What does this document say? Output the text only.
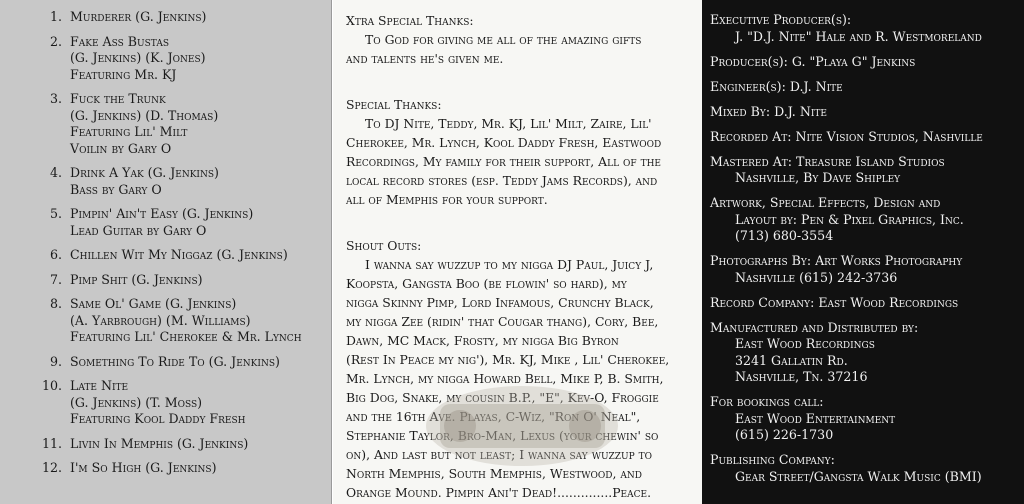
1. Murderer (G. Jenkins)
2. Fake Ass Bustas
(G. Jenkins) (K. Jones)
Featuring Mr. KJ
3. Fuck the Trunk
(G. Jenkins) (D. Thomas)
Featuring Lil' Milt
Voilin by Gary O
4. Drink A Yak (G. Jenkins)
Bass by Gary O
5. Pimpin' Ain't Easy (G. Jenkins)
Lead Guitar by Gary O
6. Chillen Wit My Niggaz (G. Jenkins)
7. Pimp Shit (G. Jenkins)
8. Same Ol' Game (G. Jenkins)
(A. Yarbrough) (M. Williams)
Featuring Lil' Cherokee & Mr. Lynch
9. Something To Ride To (G. Jenkins)
10. Late Nite
(G. Jenkins) (T. Moss)
Featuring Kool Daddy Fresh
11. Livin In Memphis (G. Jenkins)
12. I'm So High (G. Jenkins)
Xtra Special Thanks:
To God for giving me all of the amazing gifts
and talents he's given me.
Special Thanks:
To DJ Nite, Teddy, Mr. KJ, Lil' Milt, Zaire, Lil'
Cherokee, Mr. Lynch, Kool Daddy Fresh, Eastwood
Recordings, My family for their support, All of the
local record stores (esp. Teddy Jams Records), and
all of Memphis for your support.
Shout Outs:
I wanna say wuzzup to my nigga DJ Paul, Juicy J,
Koopsta, Gangsta Boo (be flowin' so hard), my
nigga Skinny Pimp, Lord Infamous, Crunchy Black,
my nigga Zee (ridin' that Cougar thang), Cory, Bee,
Dawn, MC Mack, Frosty, my nigga Big Byron
(Rest In Peace my nig'), Mr. KJ, Mike , Lil' Cherokee,
Mr. Lynch, my nigga Howard Bell, Mike P, B. Smith,
Big Dog, Snake, my cousin B.P., "E", Kev-O, Froggie
and the 16th Ave. Playas, C-Wiz, "Ron O' Neal",
Stephanie Taylor, Bro-Man, Lexus (your chewin' so
on), And last but not least; I wanna say wuzzup to
North Memphis, South Memphis, Westwood, and
Orange Mound. Pimpin Ani't Dead!..............Peace.
Executive Producer(s):
J. "D.J. Nite" Hale and R. Westmoreland
Producer(s): G. "Playa G" Jenkins
Engineer(s): D.J. Nite
Mixed By: D.J. Nite
Recorded At: Nite Vision Studios, Nashville
Mastered At: Treasure Island Studios
Nashville, By Dave Shipley
Artwork, Special Effects, Design and
Layout by: Pen & Pixel Graphics, Inc.
(713) 680-3554
Photographs By: Art Works Photography
Nashville (615) 242-3736
Record Company: East Wood Recordings
Manufactured and Distributed by:
East Wood Recordings
3241 Gallatin Rd.
Nashville, Tn. 37216
For bookings call:
East Wood Entertainment
(615) 226-1730
Publishing Company:
Gear Street/Gangsta Walk Music (BMI)
